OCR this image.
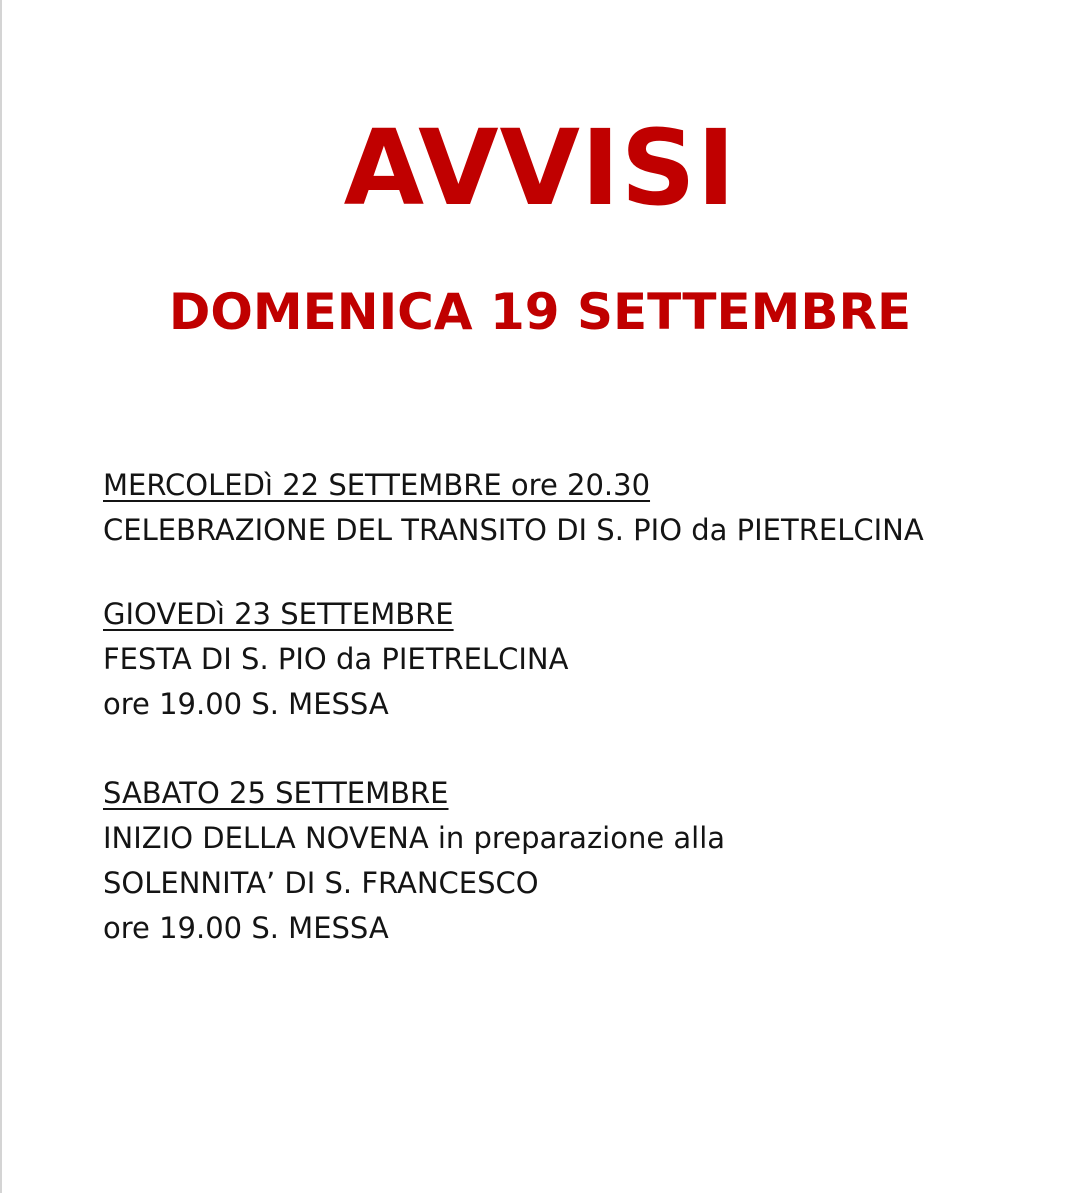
AVVISI
DOMENICA 19 SETTEMBRE
MERCOLEDì 22 SETTEMBRE ore 20.30
CELEBRAZIONE DEL TRANSITO DI S. PIO da PIETRELCINA
GIOVEDì 23 SETTEMBRE
FESTA DI S. PIO da PIETRELCINA
ore 19.00 S. MESSA
SABATO 25 SETTEMBRE
INIZIO DELLA NOVENA in preparazione alla
SOLENNITA’ DI S. FRANCESCO
ore 19.00 S. MESSA
